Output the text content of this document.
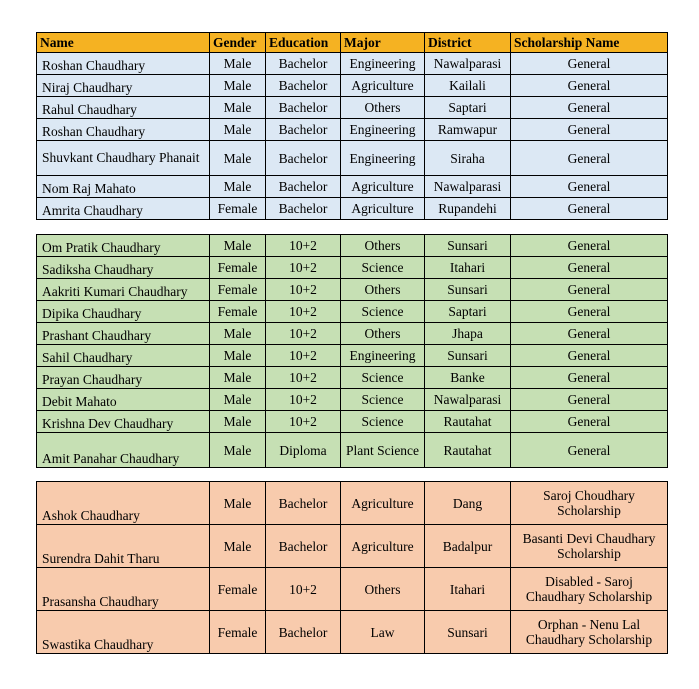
Name	Gender	Education	Major	District	Scholarship Name
Roshan Chaudhary	Male	Bachelor	Engineering	Nawalparasi	General
Niraj Chaudhary	Male	Bachelor	Agriculture	Kailali	General
Rahul Chaudhary	Male	Bachelor	Others	Saptari	General
Roshan Chaudhary	Male	Bachelor	Engineering	Ramwapur	General
Shuvkant Chaudhary Phanait	Male	Bachelor	Engineering	Siraha	General
Nom Raj Mahato	Male	Bachelor	Agriculture	Nawalparasi	General
Amrita Chaudhary	Female	Bachelor	Agriculture	Rupandehi	General
Om Pratik Chaudhary	Male	10+2	Others	Sunsari	General
Sadiksha Chaudhary	Female	10+2	Science	Itahari	General
Aakriti Kumari Chaudhary	Female	10+2	Others	Sunsari	General
Dipika Chaudhary	Female	10+2	Science	Saptari	General
Prashant Chaudhary	Male	10+2	Others	Jhapa	General
Sahil Chaudhary	Male	10+2	Engineering	Sunsari	General
Prayan Chaudhary	Male	10+2	Science	Banke	General
Debit Mahato	Male	10+2	Science	Nawalparasi	General
Krishna Dev Chaudhary	Male	10+2	Science	Rautahat	General
Amit Panahar Chaudhary	Male	Diploma	Plant Science	Rautahat	General
Ashok Chaudhary	Male	Bachelor	Agriculture	Dang	Saroj Choudhary Scholarship
Surendra Dahit Tharu	Male	Bachelor	Agriculture	Badalpur	Basanti Devi Chaudhary Scholarship
Prasansha Chaudhary	Female	10+2	Others	Itahari	Disabled - Saroj Chaudhary Scholarship
Swastika Chaudhary	Female	Bachelor	Law	Sunsari	Orphan - Nenu Lal Chaudhary Scholarship
